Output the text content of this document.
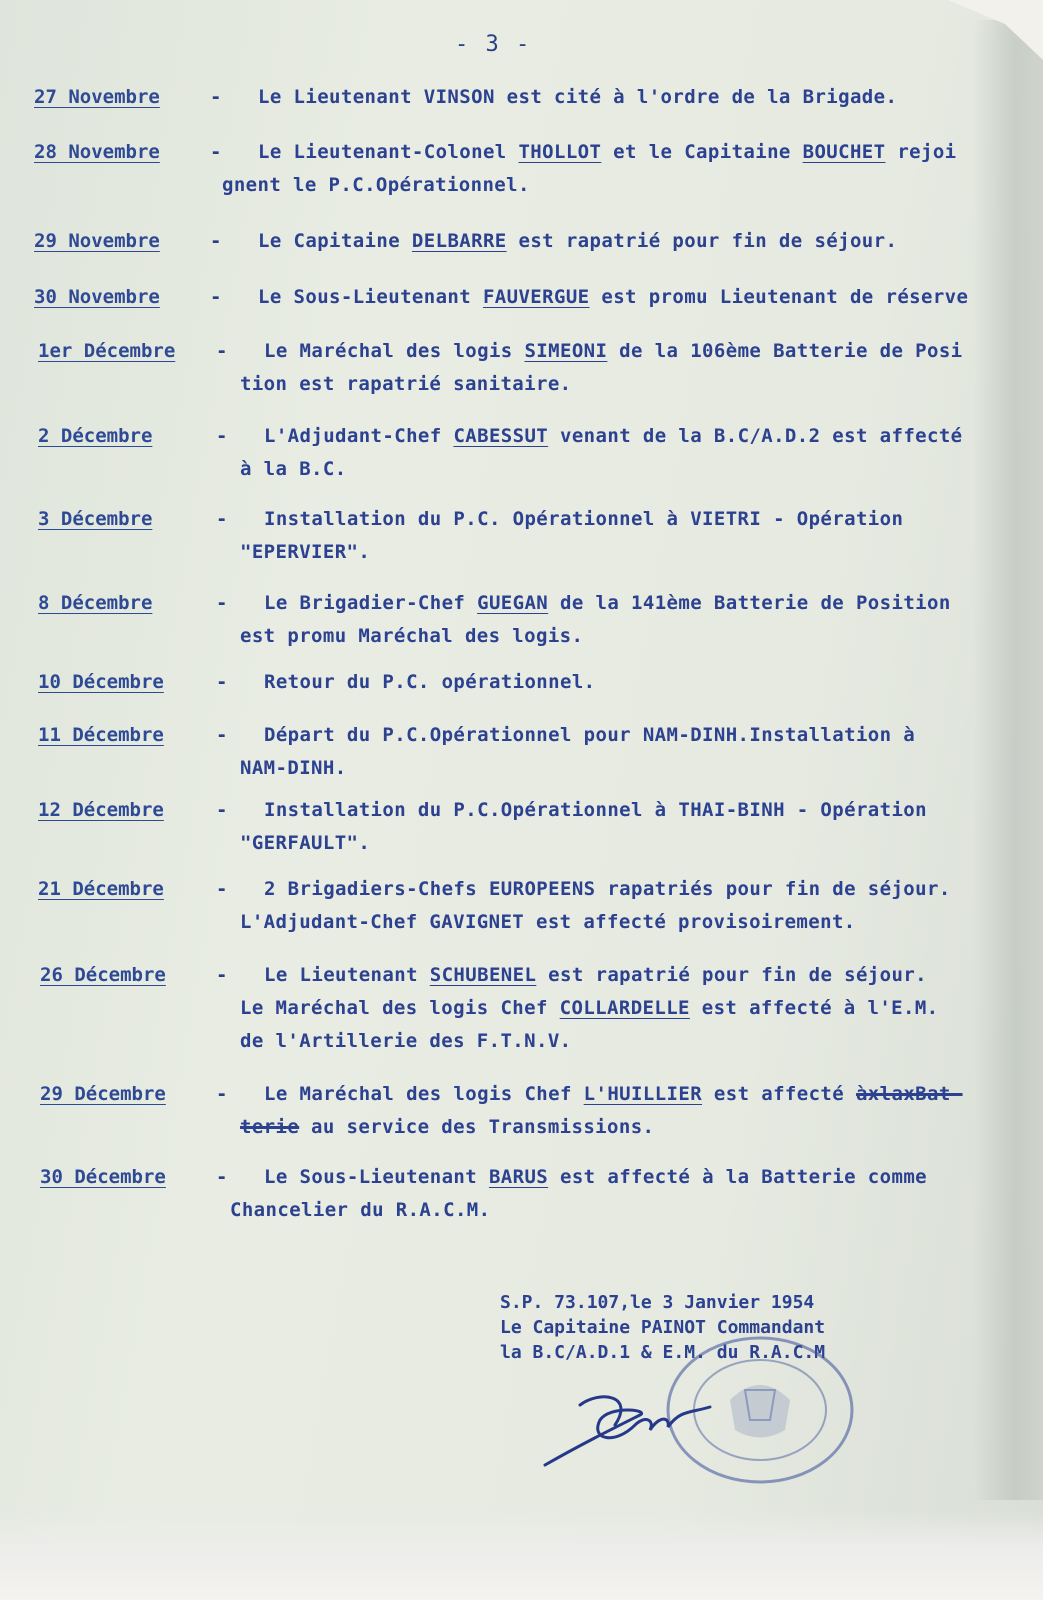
- 3 -
27 Novembre	- Le Lieutenant VINSON est cité à l'ordre de la Brigade.
28 Novembre	- Le Lieutenant-Colonel THOLLOT et le Capitaine BOUCHET rejoi
gnent le P.C.Opérationnel.
29 Novembre	- Le Capitaine DELBARRE est rapatrié pour fin de séjour.
30 Novembre	- Le Sous-Lieutenant FAUVERGUE est promu Lieutenant de réserve
1er Décembre - Le Maréchal des logis SIMEONI de la 106ème Batterie de Posi
tion est rapatrié sanitaire.
2 Décembre	- L'Adjudant-Chef CABESSUT venant de la B.C/A.D.2 est affecté
à la B.C.
3 Décembre	- Installation du P.C. Opérationnel à VIETRI - Opération
"EPERVIER".
8 Décembre	- Le Brigadier-Chef GUEGAN de la 141ème Batterie de Position
est promu Maréchal des logis.
10 Décembre	- Retour du P.C. opérationnel.
11 Décembre	- Départ du P.C.Opérationnel pour NAM-DINH.Installation à
NAM-DINH.
12 Décembre	- Installation du P.C.Opérationnel à THAI-BINH - Opération
"GERFAULT".
21 Décembre	- 2 Brigadiers-Chefs EUROPEENS rapatriés pour fin de séjour.
L'Adjudant-Chef GAVIGNET est affecté provisoirement.
26 Décembre	- Le Lieutenant SCHUBENEL est rapatrié pour fin de séjour.
Le Maréchal des logis Chef COLLARDELLE est affecté à l'E.M.
de l'Artillerie des F.T.N.V.
29 Décembre	- Le Maréchal des logis Chef L'HUILLIER est affecté àxlaxBat-
terie au service des Transmissions.
30 Décembre	- Le Sous-Lieutenant BARUS est affecté à la Batterie comme
Chancelier du R.A.C.M.
S.P. 73.107,le 3 Janvier 1954
Le Capitaine PAINOT Commandant
la B.C/A.D.1 & E.M. du R.A.C.M
